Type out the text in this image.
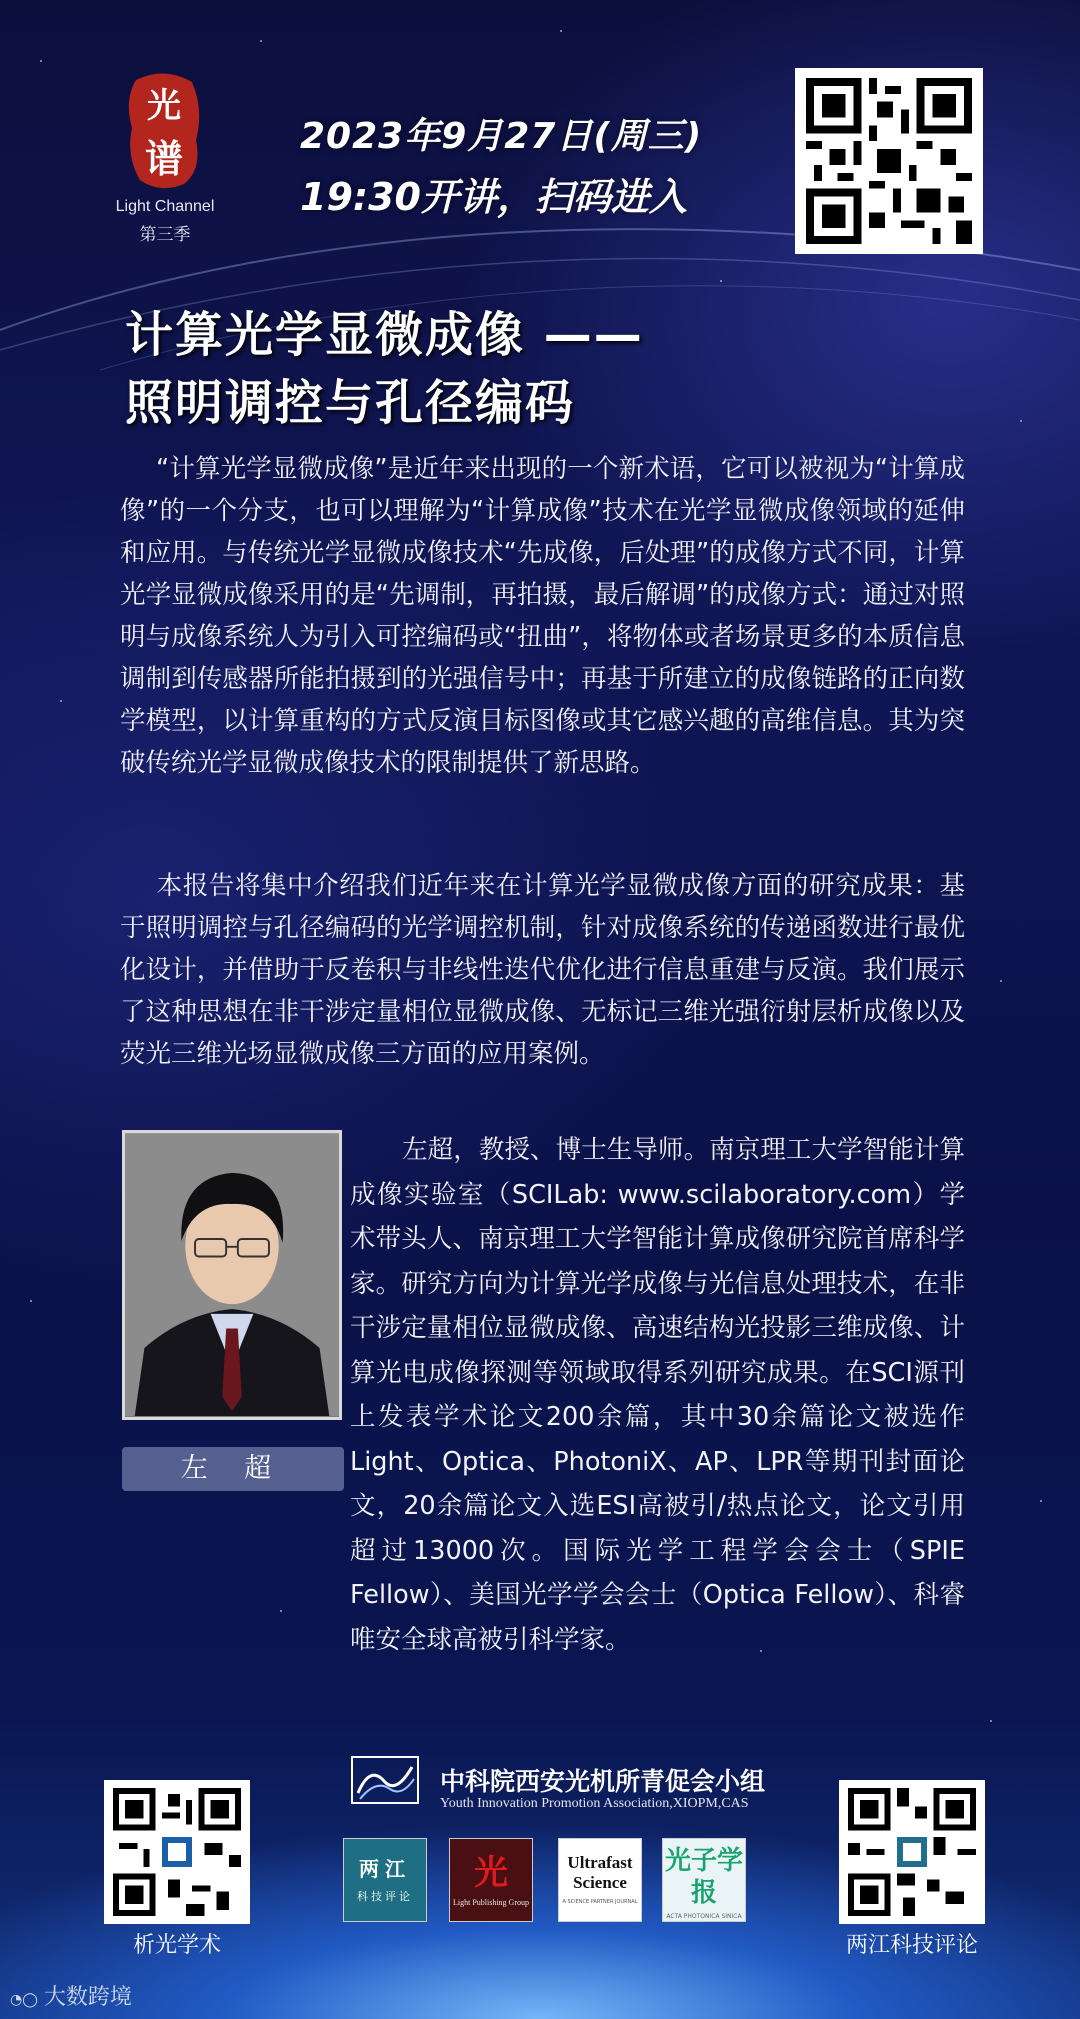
光
谱
Light Channel
第三季
2023年9月27日(周三)
19:30开讲，扫码进入
计算光学显微成像 ——
照明调控与孔径编码
“计算光学显微成像”是近年来出现的一个新术语，它可以被视为“计算成像”的一个分支，也可以理解为“计算成像”技术在光学显微成像领域的延伸和应用。与传统光学显微成像技术“先成像，后处理”的成像方式不同，计算光学显微成像采用的是“先调制，再拍摄，最后解调”的成像方式：通过对照明与成像系统人为引入可控编码或“扭曲”，将物体或者场景更多的本质信息调制到传感器所能拍摄到的光强信号中；再基于所建立的成像链路的正向数学模型，以计算重构的方式反演目标图像或其它感兴趣的高维信息。其为突破传统光学显微成像技术的限制提供了新思路。
本报告将集中介绍我们近年来在计算光学显微成像方面的研究成果：基于照明调控与孔径编码的光学调控机制，针对成像系统的传递函数进行最优化设计，并借助于反卷积与非线性迭代优化进行信息重建与反演。我们展示了这种思想在非干涉定量相位显微成像、无标记三维光强衍射层析成像以及荧光三维光场显微成像三方面的应用案例。
左 超
左超，教授、博士生导师。南京理工大学智能计算成像实验室（SCILab: www.scilaboratory.com）学术带头人、南京理工大学智能计算成像研究院首席科学家。研究方向为计算光学成像与光信息处理技术，在非干涉定量相位显微成像、高速结构光投影三维成像、计算光电成像探测等领域取得系列研究成果。在SCI源刊上发表学术论文200余篇，其中30余篇论文被选作Light、Optica、PhotoniX、AP、LPR等期刊封面论文，20余篇论文入选ESI高被引/热点论文，论文引用超过13000次。国际光学工程学会会士（SPIE Fellow）、美国光学学会会士（Optica Fellow）、科睿唯安全球高被引科学家。
中科院西安光机所青促会小组
Youth Innovation Promotion Association,XIOPM,CAS
析光学术	两江科技评论
两江
科技评论
光
Light Publishing Group
Ultrafast Science
A SCIENCE PARTNER JOURNAL
光子学报
ACTA PHOTONICA SINICA
◔◯ 大数跨境
